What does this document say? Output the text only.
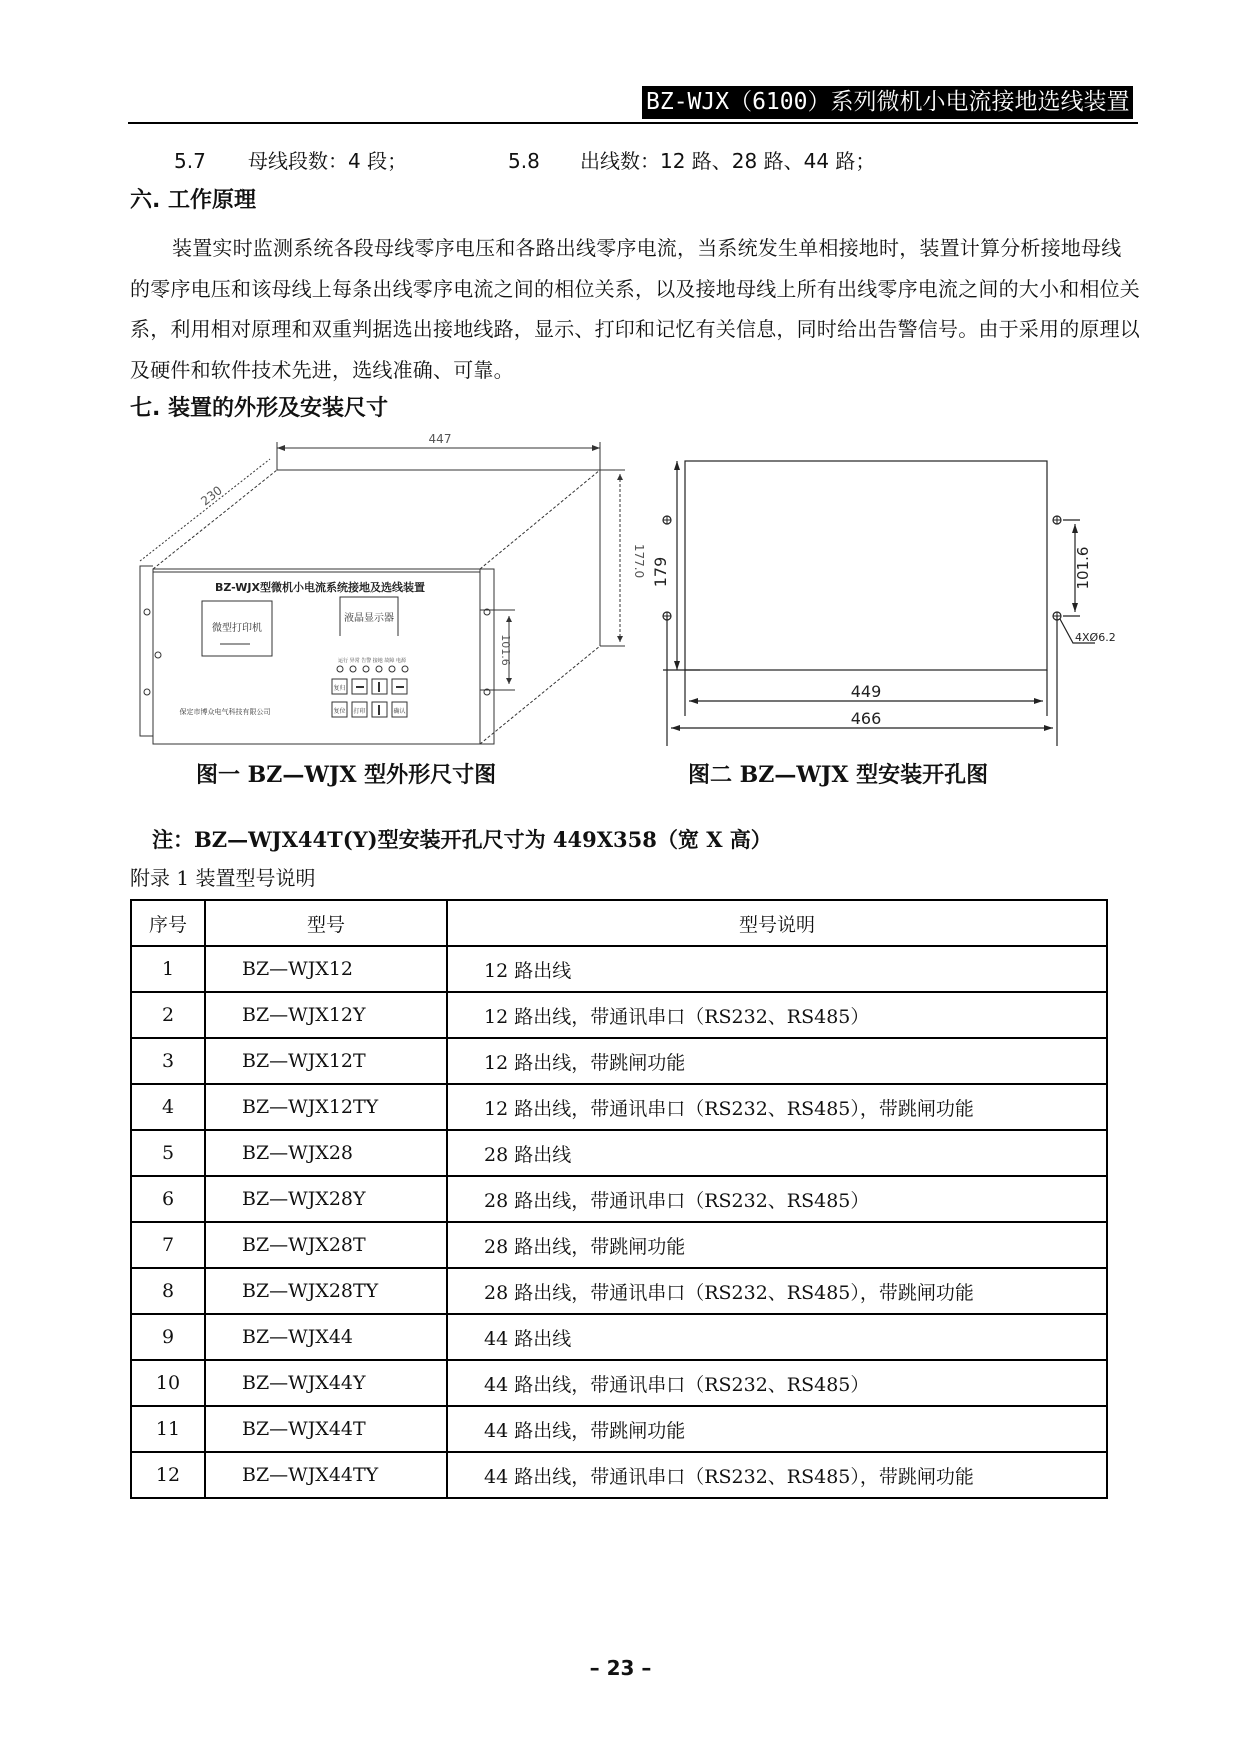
BZ-WJX（6100）系列微机小电流接地选线装置
5.7 母线段数：4 段；	5.8 出线数：12 路、28 路、44 路；
六. 工作原理
装置实时监测系统各段母线零序电压和各路出线零序电流，当系统发生单相接地时，装置计算分析接地母线的零序电压和该母线上每条出线零序电流之间的相位关系，以及接地母线上所有出线零序电流之间的大小和相位关系，利用相对原理和双重判据选出接地线路，显示、打印和记忆有关信息，同时给出告警信号。由于采用的原理以及硬件和软件技术先进，选线准确、可靠。
七. 装置的外形及安装尺寸
447
230
177.0
101.6
BZ-WJX型微机小电流系统接地及选线装置
微型打印机
液晶显示器
运行 异常 告警 接地 故障 电源
保定市博众电气科技有限公司
复归
复位 打印	确认
179
449
466
101.6
4XØ6.2
图一 BZ—WJX 型外形尺寸图	图二 BZ—WJX 型安装开孔图
注：BZ—WJX44T(Y)型安装开孔尺寸为 449X358（宽 X 高）
附录 1 装置型号说明
序号	型号	型号说明
1	BZ—WJX12	12 路出线
2	BZ—WJX12Y	12 路出线，带通讯串口（RS232、RS485）
3	BZ—WJX12T	12 路出线，带跳闸功能
4	BZ—WJX12TY	12 路出线，带通讯串口（RS232、RS485），带跳闸功能
5	BZ—WJX28	28 路出线
6	BZ—WJX28Y	28 路出线，带通讯串口（RS232、RS485）
7	BZ—WJX28T	28 路出线，带跳闸功能
8	BZ—WJX28TY	28 路出线，带通讯串口（RS232、RS485），带跳闸功能
9	BZ—WJX44	44 路出线
10	BZ—WJX44Y	44 路出线，带通讯串口（RS232、RS485）
11	BZ—WJX44T	44 路出线，带跳闸功能
12	BZ—WJX44TY	44 路出线，带通讯串口（RS232、RS485），带跳闸功能
– 23 –
